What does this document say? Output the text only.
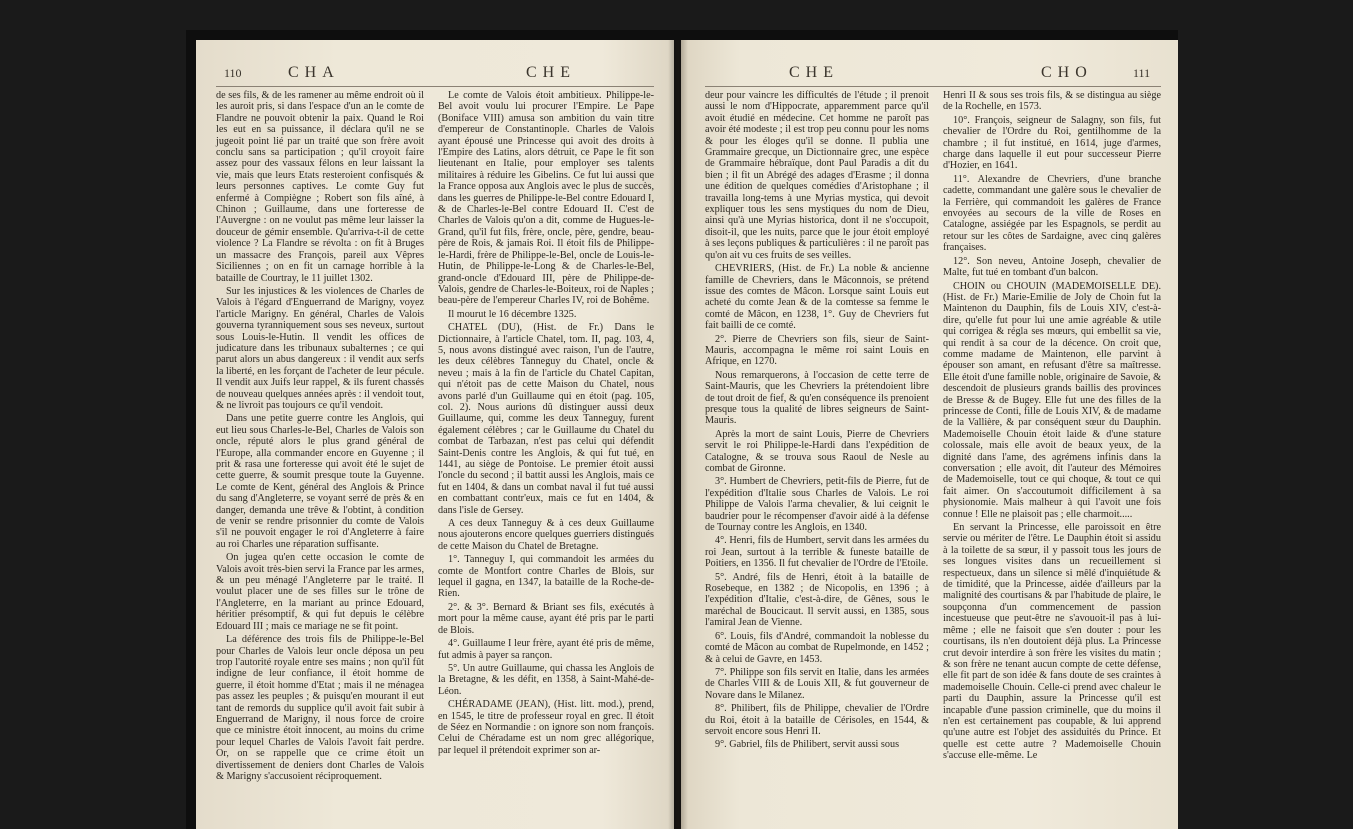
110	CHA	CHE

de ses fils, & de les ramener au même endroit où il les auroit pris, si dans l'espace d'un an le comte de Flandre ne pouvoit obtenir la paix. Quand le Roi les eut en sa puissance, il déclara qu'il ne se jugeoit point lié par un traité que son frère avoit conclu sans sa participation ; qu'il croyoit faire assez pour des vassaux félons en leur laissant la vie, mais que leurs Etats resteroient confisqués & leurs personnes captives. Le comte Guy fut enfermé à Compiègne ; Robert son fils aîné, à Chinon ; Guillaume, dans une forteresse de l'Auvergne : on ne voulut pas même leur laisser la douceur de gémir ensemble. Qu'arriva-t-il de cette violence ? La Flandre se révolta : on fit à Bruges un massacre des François, pareil aux Vêpres Siciliennes ; on en fit un carnage horrible à la bataille de Courtray, le 11 juillet 1302.

Sur les injustices & les violences de Charles de Valois à l'égard d'Enguerrand de Marigny, voyez l'article Marigny. En général, Charles de Valois gouverna tyranniquement sous ses neveux, surtout sous Louis-le-Hutin. Il vendit les offices de judicature dans les tribunaux subalternes ; ce qui parut alors un abus dangereux : il vendit aux serfs la liberté, en les forçant de l'acheter de leur pécule. Il vendit aux Juifs leur rappel, & ils furent chassés de nouveau quelques années après : il vendoit tout, & ne livroit pas toujours ce qu'il vendoit.

Dans une petite guerre contre les Anglois, qui eut lieu sous Charles-le-Bel, Charles de Valois son oncle, réputé alors le plus grand général de l'Europe, alla commander encore en Guyenne ; il prit & rasa une forteresse qui avoit été le sujet de cette guerre, & soumit presque toute la Guyenne. Le comte de Kent, général des Anglois & Prince du sang d'Angleterre, se voyant serré de près & en danger, demanda une trêve & l'obtint, à condition de venir se rendre prisonnier du comte de Valois s'il ne pouvoit engager le roi d'Angleterre à faire au roi Charles une réparation suffisante.

On jugea qu'en cette occasion le comte de Valois avoit très-bien servi la France par les armes, & un peu ménagé l'Angleterre par le traité. Il voulut placer une de ses filles sur le trône de l'Angleterre, en la mariant au prince Edouard, héritier présomptif, & qui fut depuis le célèbre Edouard III ; mais ce mariage ne se fit point.

La déférence des trois fils de Philippe-le-Bel pour Charles de Valois leur oncle déposa un peu trop l'autorité royale entre ses mains ; non qu'il fût indigne de leur confiance, il étoit homme de guerre, il étoit homme d'Etat ; mais il ne ménagea pas assez les peuples ; & puisqu'en mourant il eut tant de remords du supplice qu'il avoit fait subir à Enguerrand de Marigny, il nous force de croire que ce ministre étoit innocent, au moins du crime pour lequel Charles de Valois l'avoit fait perdre. Or, on se rappelle que ce crime étoit un divertissement de deniers dont Charles de Valois & Marigny s'accusoient réciproquement.

Le comte de Valois étoit ambitieux. Philippe-le-Bel avoit voulu lui procurer l'Empire. Le Pape (Boniface VIII) amusa son ambition du vain titre d'empereur de Constantinople. Charles de Valois ayant épousé une Princesse qui avoit des droits à l'Empire des Latins, alors détruit, ce Pape le fit son lieutenant en Italie, pour employer ses talents militaires à réduire les Gibelins. Ce fut lui aussi que la France opposa aux Anglois avec le plus de succès, dans les guerres de Philippe-le-Bel contre Edouard I, & de Charles-le-Bel contre Edouard II. C'est de Charles de Valois qu'on a dit, comme de Hugues-le-Grand, qu'il fut fils, frère, oncle, père, gendre, beau-père de Rois, & jamais Roi. Il étoit fils de Philippe-le-Hardi, frère de Philippe-le-Bel, oncle de Louis-le-Hutin, de Philippe-le-Long & de Charles-le-Bel, grand-oncle d'Edouard III, père de Philippe-de-Valois, gendre de Charles-le-Boiteux, roi de Naples ; beau-père de l'empereur Charles IV, roi de Bohême.

Il mourut le 16 décembre 1325.

CHATEL (DU), (Hist. de Fr.) Dans le Dictionnaire, à l'article Chatel, tom. II, pag. 103, 4, 5, nous avons distingué avec raison, l'un de l'autre, les deux célèbres Tanneguy du Chatel, oncle & neveu ; mais à la fin de l'article du Chatel Capitan, qui n'étoit pas de cette Maison du Chatel, nous avons parlé d'un Guillaume qui en étoit (pag. 105, col. 2). Nous aurions dû distinguer aussi deux Guillaume, qui, comme les deux Tanneguy, furent également célèbres ; car le Guillaume du Chatel du combat de Tarbazan, n'est pas celui qui défendit Saint-Denis contre les Anglois, & qui fut tué, en 1441, au siège de Pontoise. Le premier étoit aussi l'oncle du second ; il battit aussi les Anglois, mais ce fut en 1404, & dans un combat naval il fut tué aussi en combattant contr'eux, mais ce fut en 1404, & dans l'isle de Gersey.

A ces deux Tanneguy & à ces deux Guillaume nous ajouterons encore quelques guerriers distingués de cette Maison du Chatel de Bretagne.

1°. Tanneguy I, qui commandoit les armées du comte de Montfort contre Charles de Blois, sur lequel il gagna, en 1347, la bataille de la Roche-de-Rien.

2°. & 3°. Bernard & Briant ses fils, exécutés à mort pour la même cause, ayant été pris par le parti de Blois.

4°. Guillaume I leur frère, ayant été pris de même, fut admis à payer sa rançon.

5°. Un autre Guillaume, qui chassa les Anglois de la Bretagne, & les défit, en 1358, à Saint-Mahé-de-Léon.

CHÉRADAME (JEAN), (Hist. litt. mod.), prend, en 1545, le titre de professeur royal en grec. Il étoit de Séez en Normandie : on ignore son nom françois. Celui de Chéradame est un nom grec allégorique, par lequel il prétendoit exprimer son ar-

CHE	CHO	111

deur pour vaincre les difficultés de l'étude ; il prenoit aussi le nom d'Hippocrate, apparemment parce qu'il avoit étudié en médecine. Cet homme ne paroît pas avoir été modeste ; il est trop peu connu pour les noms & pour les éloges qu'il se donne. Il publia une Grammaire grecque, un Dictionnaire grec, une espèce de Grammaire hébraïque, dont Paul Paradis a dit du bien ; il fit un Abrégé des adages d'Erasme ; il donna une édition de quelques comédies d'Aristophane ; il travailla long-tems à une Myrias mystica, qui devoit expliquer tous les sens mystiques du nom de Dieu, ainsi qu'à une Myrias historica, dont il ne s'occupoit, disoit-il, que les nuits, parce que le jour étoit employé à ses leçons publiques & particulières : il ne paroît pas qu'on ait vu ces fruits de ses veilles.

CHEVRIERS, (Hist. de Fr.) La noble & ancienne famille de Chevriers, dans le Mâconnois, se prétend issue des comtes de Mâcon. Lorsque saint Louis eut acheté du comte Jean & de la comtesse sa femme le comté de Mâcon, en 1238, 1°. Guy de Chevriers fut fait bailli de ce comté.

2°. Pierre de Chevriers son fils, sieur de Saint-Mauris, accompagna le même roi saint Louis en Afrique, en 1270.

Nous remarquerons, à l'occasion de cette terre de Saint-Mauris, que les Chevriers la prétendoient libre de tout droit de fief, & qu'en conséquence ils prenoient presque tous la qualité de libres seigneurs de Saint-Mauris.

Après la mort de saint Louis, Pierre de Chevriers servit le roi Philippe-le-Hardi dans l'expédition de Catalogne, & se trouva sous Raoul de Nesle au combat de Gironne.

3°. Humbert de Chevriers, petit-fils de Pierre, fut de l'expédition d'Italie sous Charles de Valois. Le roi Philippe de Valois l'arma chevalier, & lui ceignit le baudrier pour le récompenser d'avoir aidé à la défense de Tournay contre les Anglois, en 1340.

4°. Henri, fils de Humbert, servit dans les armées du roi Jean, surtout à la terrible & funeste bataille de Poitiers, en 1356. Il fut chevalier de l'Ordre de l'Etoile.

5°. André, fils de Henri, étoit à la bataille de Rosebeque, en 1382 ; de Nicopolis, en 1396 ; à l'expédition d'Italie, c'est-à-dire, de Gênes, sous le maréchal de Boucicaut. Il servit aussi, en 1385, sous l'amiral Jean de Vienne.

6°. Louis, fils d'André, commandoit la noblesse du comté de Mâcon au combat de Rupelmonde, en 1452 ; & à celui de Gavre, en 1453.

7°. Philippe son fils servit en Italie, dans les armées de Charles VIII & de Louis XII, & fut gouverneur de Novare dans le Milanez.

8°. Philibert, fils de Philippe, chevalier de l'Ordre du Roi, étoit à la bataille de Cérisoles, en 1544, & servoit encore sous Henri II.

9°. Gabriel, fils de Philibert, servit aussi sous

Henri II & sous ses trois fils, & se distingua au siège de la Rochelle, en 1573.

10°. François, seigneur de Salagny, son fils, fut chevalier de l'Ordre du Roi, gentilhomme de la chambre ; il fut institué, en 1614, juge d'armes, charge dans laquelle il eut pour successeur Pierre d'Hozier, en 1641.

11°. Alexandre de Chevriers, d'une branche cadette, commandant une galère sous le chevalier de la Ferrière, qui commandoit les galères de France envoyées au secours de la ville de Roses en Catalogne, assiégée par les Espagnols, se perdit au retour sur les côtes de Sardaigne, avec cinq galères françaises.

12°. Son neveu, Antoine Joseph, chevalier de Malte, fut tué en tombant d'un balcon.

CHOIN ou CHOUIN (MADEMOISELLE DE). (Hist. de Fr.) Marie-Emilie de Joly de Choin fut la Maintenon du Dauphin, fils de Louis XIV, c'est-à-dire, qu'elle fut pour lui une amie agréable & utile qui corrigea & régla ses mœurs, qui embellit sa vie, qui rendit à sa cour de la décence. On croit que, comme madame de Maintenon, elle parvint à épouser son amant, en refusant d'être sa maîtresse. Elle étoit d'une famille noble, originaire de Savoie, & descendoit de plusieurs grands baillis des provinces de Bresse & de Bugey. Elle fut une des filles de la princesse de Conti, fille de Louis XIV, & de madame de la Vallière, & par conséquent sœur du Dauphin. Mademoiselle Chouin étoit laide & d'une stature colossale, mais elle avoit de beaux yeux, de la dignité dans l'ame, des agrémens infinis dans la conversation ; elle avoit, dit l'auteur des Mémoires de Mademoiselle, tout ce qui choque, & tout ce qui fait aimer. On s'accoutumoit difficilement à sa physionomie. Mais malheur à qui l'avoit une fois connue ! Elle ne plaisoit pas ; elle charmoit.....

En servant la Princesse, elle paroissoit en être servie ou mériter de l'être. Le Dauphin étoit si assidu à la toilette de sa sœur, il y passoit tous les jours de ses longues visites dans un recueillement si respectueux, dans un silence si mêlé d'inquiétude & de timidité, que la Princesse, aidée d'ailleurs par la malignité des courtisans & par l'habitude de plaire, le soupçonna d'un commencement de passion incestueuse que peut-être ne s'avouoit-il pas à lui-même ; elle ne faisoit que s'en douter : pour les courtisans, ils n'en doutoient déjà plus. La Princesse crut devoir interdire à son frère les visites du matin ; & son frère ne tenant aucun compte de cette défense, elle fit part de son idée & fans doute de ses craintes à mademoiselle Chouin. Celle-ci prend avec chaleur le parti du Dauphin, assure la Princesse qu'il est incapable d'une passion criminelle, que du moins il n'en est certainement pas coupable, & lui apprend qu'une autre est l'objet des assiduités du Prince. Et quelle est cette autre ? Mademoiselle Chouin s'accuse elle-même. Le
